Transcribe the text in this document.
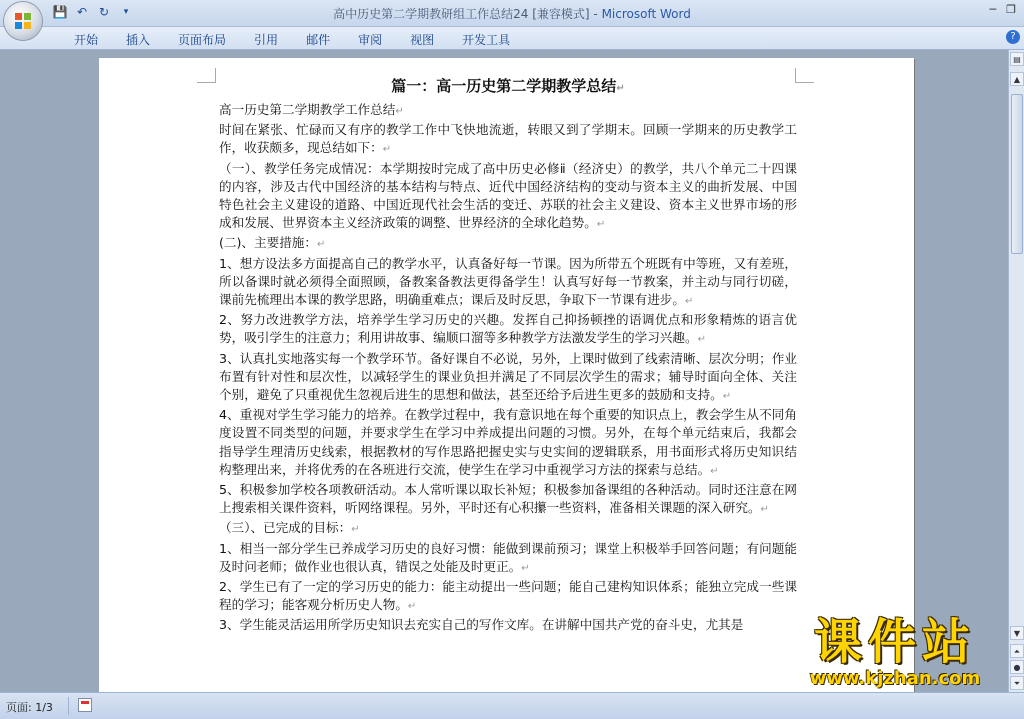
💾 ↶ ↻	▾	高中历史第二学期教研组工作总结24 [兼容模式] - Microsoft Word	─ ❐
开始	插入	页面布局	引用	邮件	审阅	视图	开发工具	?
篇一：高一历史第二学期教学总结↵

高一历史第二学期教学工作总结↵

时间在紧张、忙碌而又有序的教学工作中飞快地流逝，转眼又到了学期末。回顾一学期来的历史教学工作，收获颇多，现总结如下：↵

（一）、教学任务完成情况：本学期按时完成了高中历史必修ⅱ（经济史）的教学，共八个单元二十四课的内容，涉及古代中国经济的基本结构与特点、近代中国经济结构的变动与资本主义的曲折发展、中国特色社会主义建设的道路、中国近现代社会生活的变迁、苏联的社会主义建设、资本主义世界市场的形成和发展、世界资本主义经济政策的调整、世界经济的全球化趋势。↵

(二)、主要措施：↵

1、想方设法多方面提高自己的教学水平，认真备好每一节课。因为所带五个班既有中等班，又有差班，所以备课时就必须得全面照顾，备教案备教法更得备学生！认真写好每一节教案，并主动与同行切磋，课前先梳理出本课的教学思路，明确重难点；课后及时反思，争取下一节课有进步。↵

2、努力改进教学方法，培养学生学习历史的兴趣。发挥自己抑扬顿挫的语调优点和形象精炼的语言优势，吸引学生的注意力；利用讲故事、编顺口溜等多种教学方法激发学生的学习兴趣。↵

3、认真扎实地落实每一个教学环节。备好课自不必说，另外，上课时做到了线索清晰、层次分明；作业布置有针对性和层次性，以减轻学生的课业负担并满足了不同层次学生的需求；辅导时面向全体、关注个别，避免了只重视优生忽视后进生的思想和做法，甚至还给予后进生更多的鼓励和支持。↵

4、重视对学生学习能力的培养。在教学过程中，我有意识地在每个重要的知识点上，教会学生从不同角度设置不同类型的问题，并要求学生在学习中养成提出问题的习惯。另外，在每个单元结束后，我都会指导学生理清历史线索，根据教材的写作思路把握史实与史实间的逻辑联系，用书面形式将历史知识结构整理出来，并将优秀的在各班进行交流，使学生在学习中重视学习方法的探索与总结。↵

5、积极参加学校各项教研活动。本人常听课以取长补短；积极参加备课组的各种活动。同时还注意在网上搜索相关课件资料，听网络课程。另外，平时还有心积攥一些资料，准备相关课题的深入研究。↵

（三）、已完成的目标：↵

1、相当一部分学生已养成学习历史的良好习惯：能做到课前预习；课堂上积极举手回答问题；有问题能及时问老师；做作业也很认真，错误之处能及时更正。↵

2、学生已有了一定的学习历史的能力：能主动提出一些问题；能自己建构知识体系；能独立完成一些课程的学习；能客观分析历史人物。↵

3、学生能灵活运用所学历史知识去充实自己的写作文库。在讲解中国共产党的奋斗史，尤其是

▤
▲
▼
⏶
●
⏷
页面: 1/3
课件站
www.kjzhan.com
